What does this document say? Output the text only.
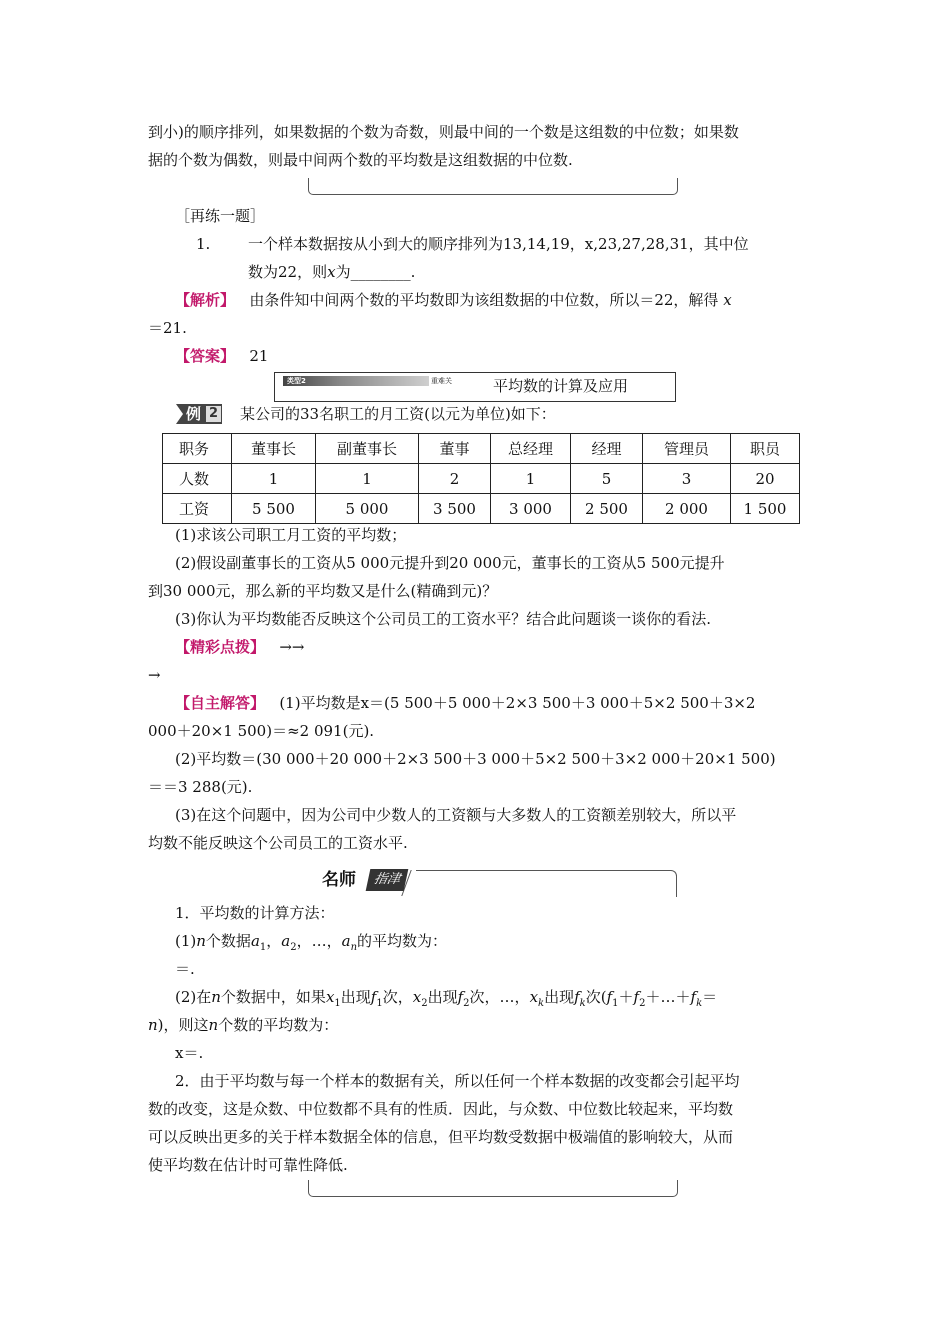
到小)的顺序排列，如果数据的个数为奇数，则最中间的一个数是这组数的中位数；如果数
据的个数为偶数，则最中间两个数的平均数是这组数据的中位数.
［再练一题］
1.	一个样本数据按从小到大的顺序排列为13,14,19，x,23,27,28,31，其中位
数为22，则x为________.
【解析】 由条件知中间两个数的平均数即为该组数据的中位数，所以＝22，解得 x
＝21.
【答案】 21
类型2	重难关	平均数的计算及应用
例 2 某公司的33名职工的月工资(以元为单位)如下：
职务	董事长	副董事长	董事	总经理	经理	管理员	职员
人数	1	1	2	1	5	3	20
工资	5 500	5 000	3 500	3 000	2 500	2 000	1 500
(1)求该公司职工月工资的平均数；
(2)假设副董事长的工资从5 000元提升到20 000元，董事长的工资从5 500元提升
到30 000元，那么新的平均数又是什么(精确到元)？
(3)你认为平均数能否反映这个公司员工的工资水平？结合此问题谈一谈你的看法.
【精彩点拨】 →→
→
【自主解答】 (1)平均数是x＝(5 500＋5 000＋2×3 500＋3 000＋5×2 500＋3×2
000＋20×1 500)＝≈2 091(元).
(2)平均数＝(30 000＋20 000＋2×3 500＋3 000＋5×2 500＋3×2 000＋20×1 500)
＝＝3 288(元).
(3)在这个问题中，因为公司中少数人的工资额与大多数人的工资额差别较大，所以平
均数不能反映这个公司员工的工资水平.
名师	指津
1．平均数的计算方法：
(1)n个数据$a_1$，$a_2$，…，$a_n$的平均数为：
＝.
(2)在n个数据中，如果$x_1$出现$f_1$次，$x_2$出现$f_2$次，…，$x_k$出现$f_k$次($f_1+f_2+\dots+f_k=$
n)，则这n个数的平均数为：
x＝.
2．由于平均数与每一个样本的数据有关，所以任何一个样本数据的改变都会引起平均
数的改变，这是众数、中位数都不具有的性质．因此，与众数、中位数比较起来，平均数
可以反映出更多的关于样本数据全体的信息，但平均数受数据中极端值的影响较大，从而
使平均数在估计时可靠性降低.
